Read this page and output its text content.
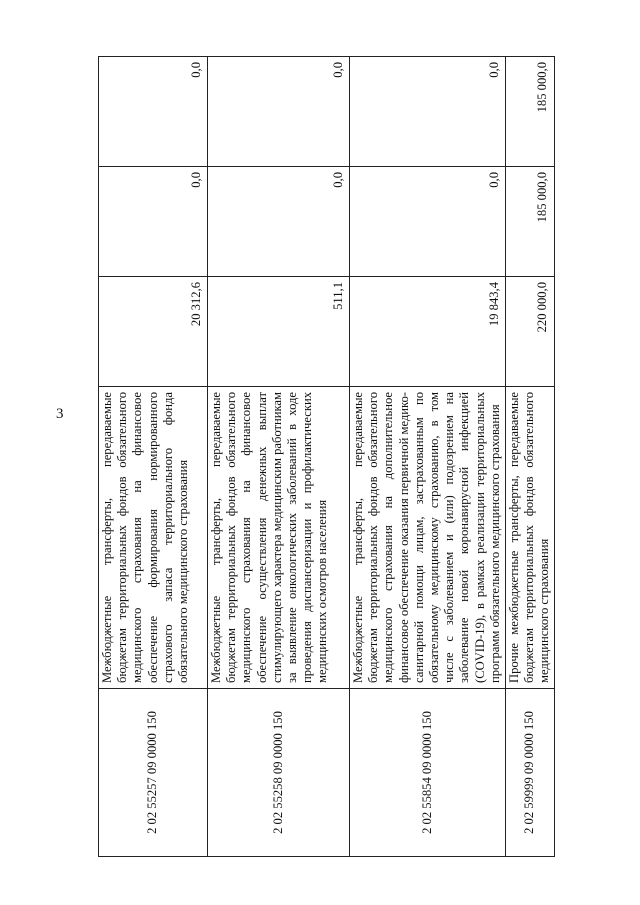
3
2 02 55257 09 0000 150	Межбюджетные трансферты, передаваемые бюджетам территориальных фондов обязательного медицинского страхования на финансовое обеспечение формирования нормированного страхового запаса территориального фонда обязательного медицинского страхования	20 312,6	0,0	0,0
2 02 55258 09 0000 150	Межбюджетные трансферты, передаваемые бюджетам территориальных фондов обязательного медицинского страхования на финансовое обеспечение осуществления денежных выплат стимулирующего характера медицинским работникам за выявление онкологических заболеваний в ходе проведения диспансеризации и профилактических медицинских осмотров населения	511,1	0,0	0,0
2 02 55854 09 0000 150	Межбюджетные трансферты, передаваемые бюджетам территориальных фондов обязательного медицинского страхования на дополнительное финансовое обеспечение оказания первичной медико-санитарной помощи лицам, застрахованным по обязательному медицинскому страхованию, в том числе с заболеванием и (или) подозрением на заболевание новой коронавирусной инфекцией (COVID-19), в рамках реализации территориальных программ обязательного медицинского страхования	19 843,4	0,0	0,0
2 02 59999 09 0000 150	Прочие межбюджетные трансферты, передаваемые бюджетам территориальных фондов обязательного медицинского страхования	220 000,0	185 000,0	185 000,0
